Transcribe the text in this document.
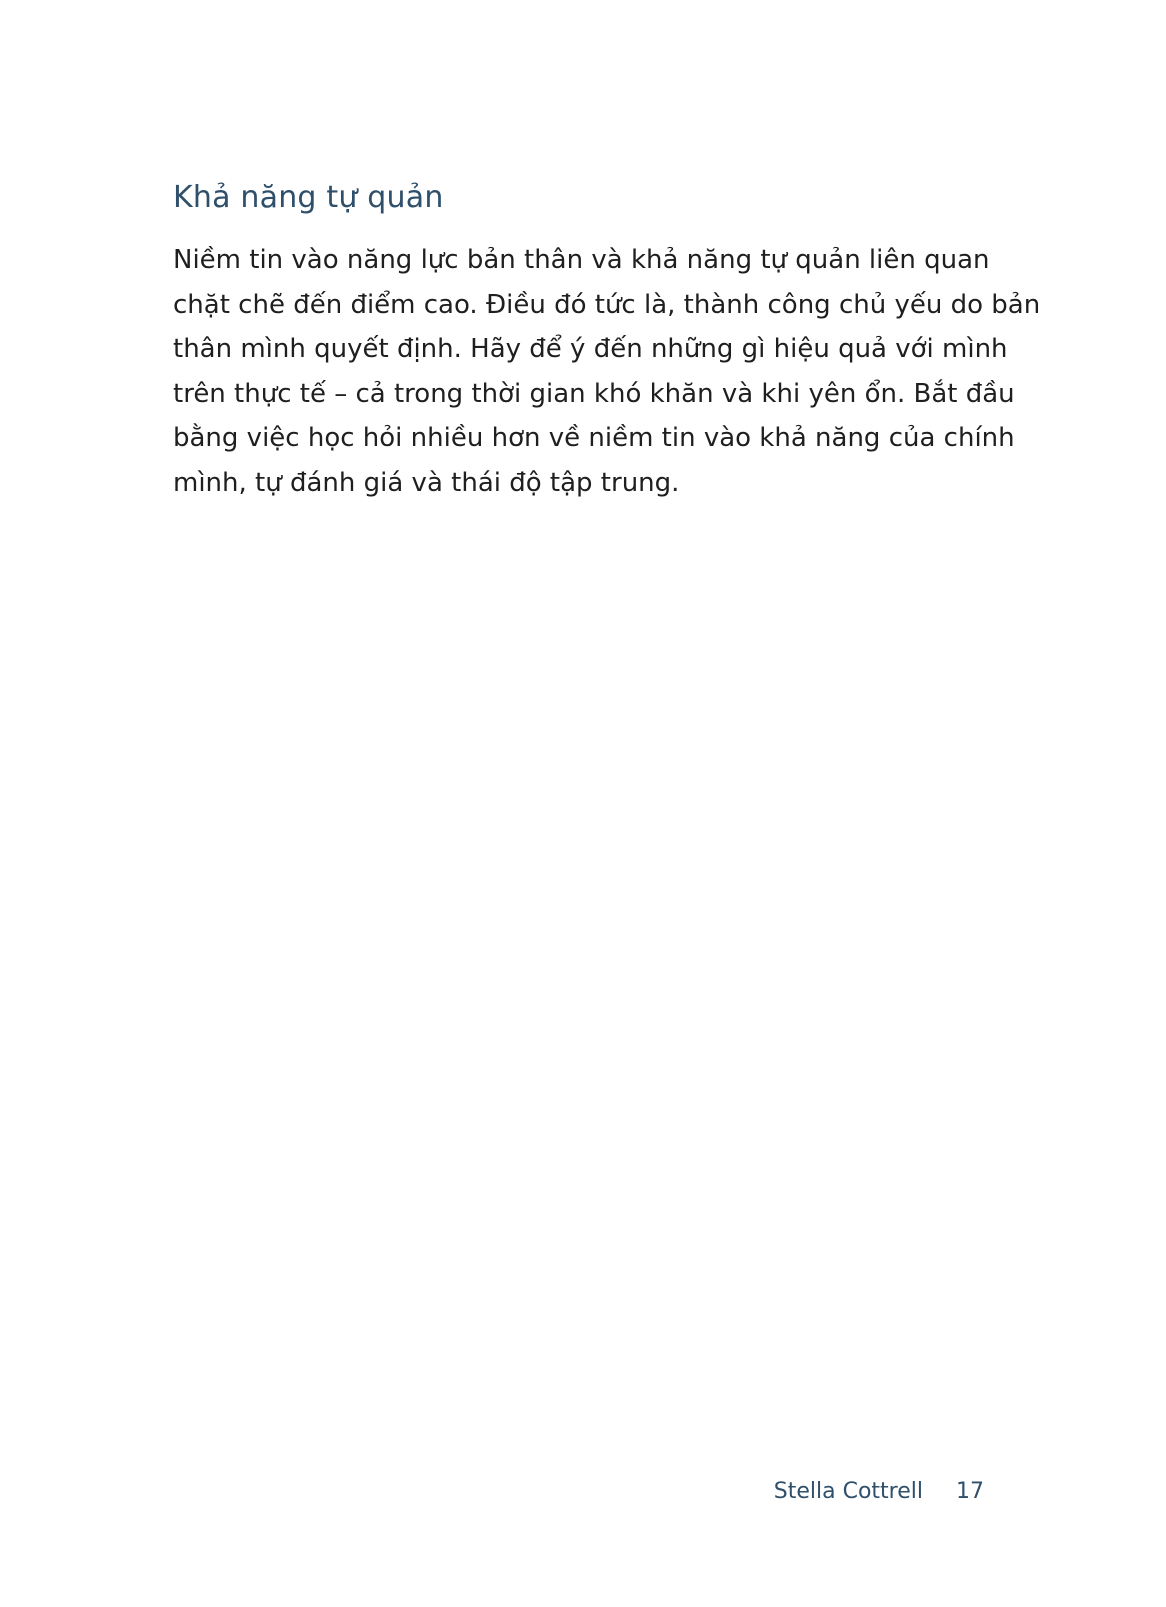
Khả năng tự quản
Niềm tin vào năng lực bản thân và khả năng tự quản liên quan
chặt chẽ đến điểm cao. Điều đó tức là, thành công chủ yếu do bản
thân mình quyết định. Hãy để ý đến những gì hiệu quả với mình
trên thực tế – cả trong thời gian khó khăn và khi yên ổn. Bắt đầu
bằng việc học hỏi nhiều hơn về niềm tin vào khả năng của chính
mình, tự đánh giá và thái độ tập trung.
Stella Cottrell 17
